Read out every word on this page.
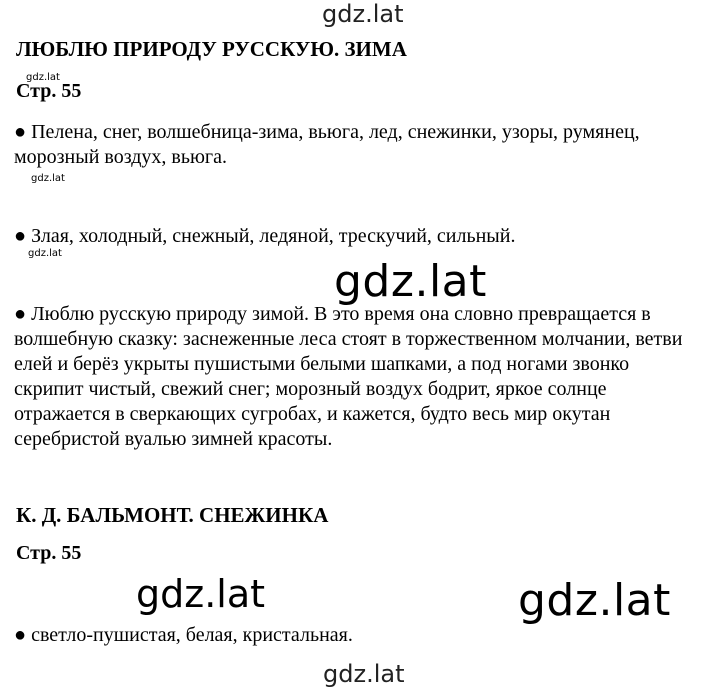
gdz.lat
ЛЮБЛЮ ПРИРОДУ РУССКУЮ. ЗИМА
gdz.lat
Стр. 55
● Пелена, снег, волшебница-зима, вьюга, лед, снежинки, узоры, румянец,
морозный воздух, вьюга.
gdz.lat
● Злая, холодный, снежный, ледяной, трескучий, сильный.
gdz.lat
gdz.lat
● Люблю русскую природу зимой. В это время она словно превращается в
волшебную сказку: заснеженные леса стоят в торжественном молчании, ветви
елей и берёз укрыты пушистыми белыми шапками, а под ногами звонко
скрипит чистый, свежий снег; морозный воздух бодрит, яркое солнце
отражается в сверкающих сугробах, и кажется, будто весь мир окутан
серебристой вуалью зимней красоты.
К. Д. БАЛЬМОНТ. СНЕЖИНКА
Стр. 55
gdz.lat	gdz.lat
● светло-пушистая, белая, кристальная.
gdz.lat
